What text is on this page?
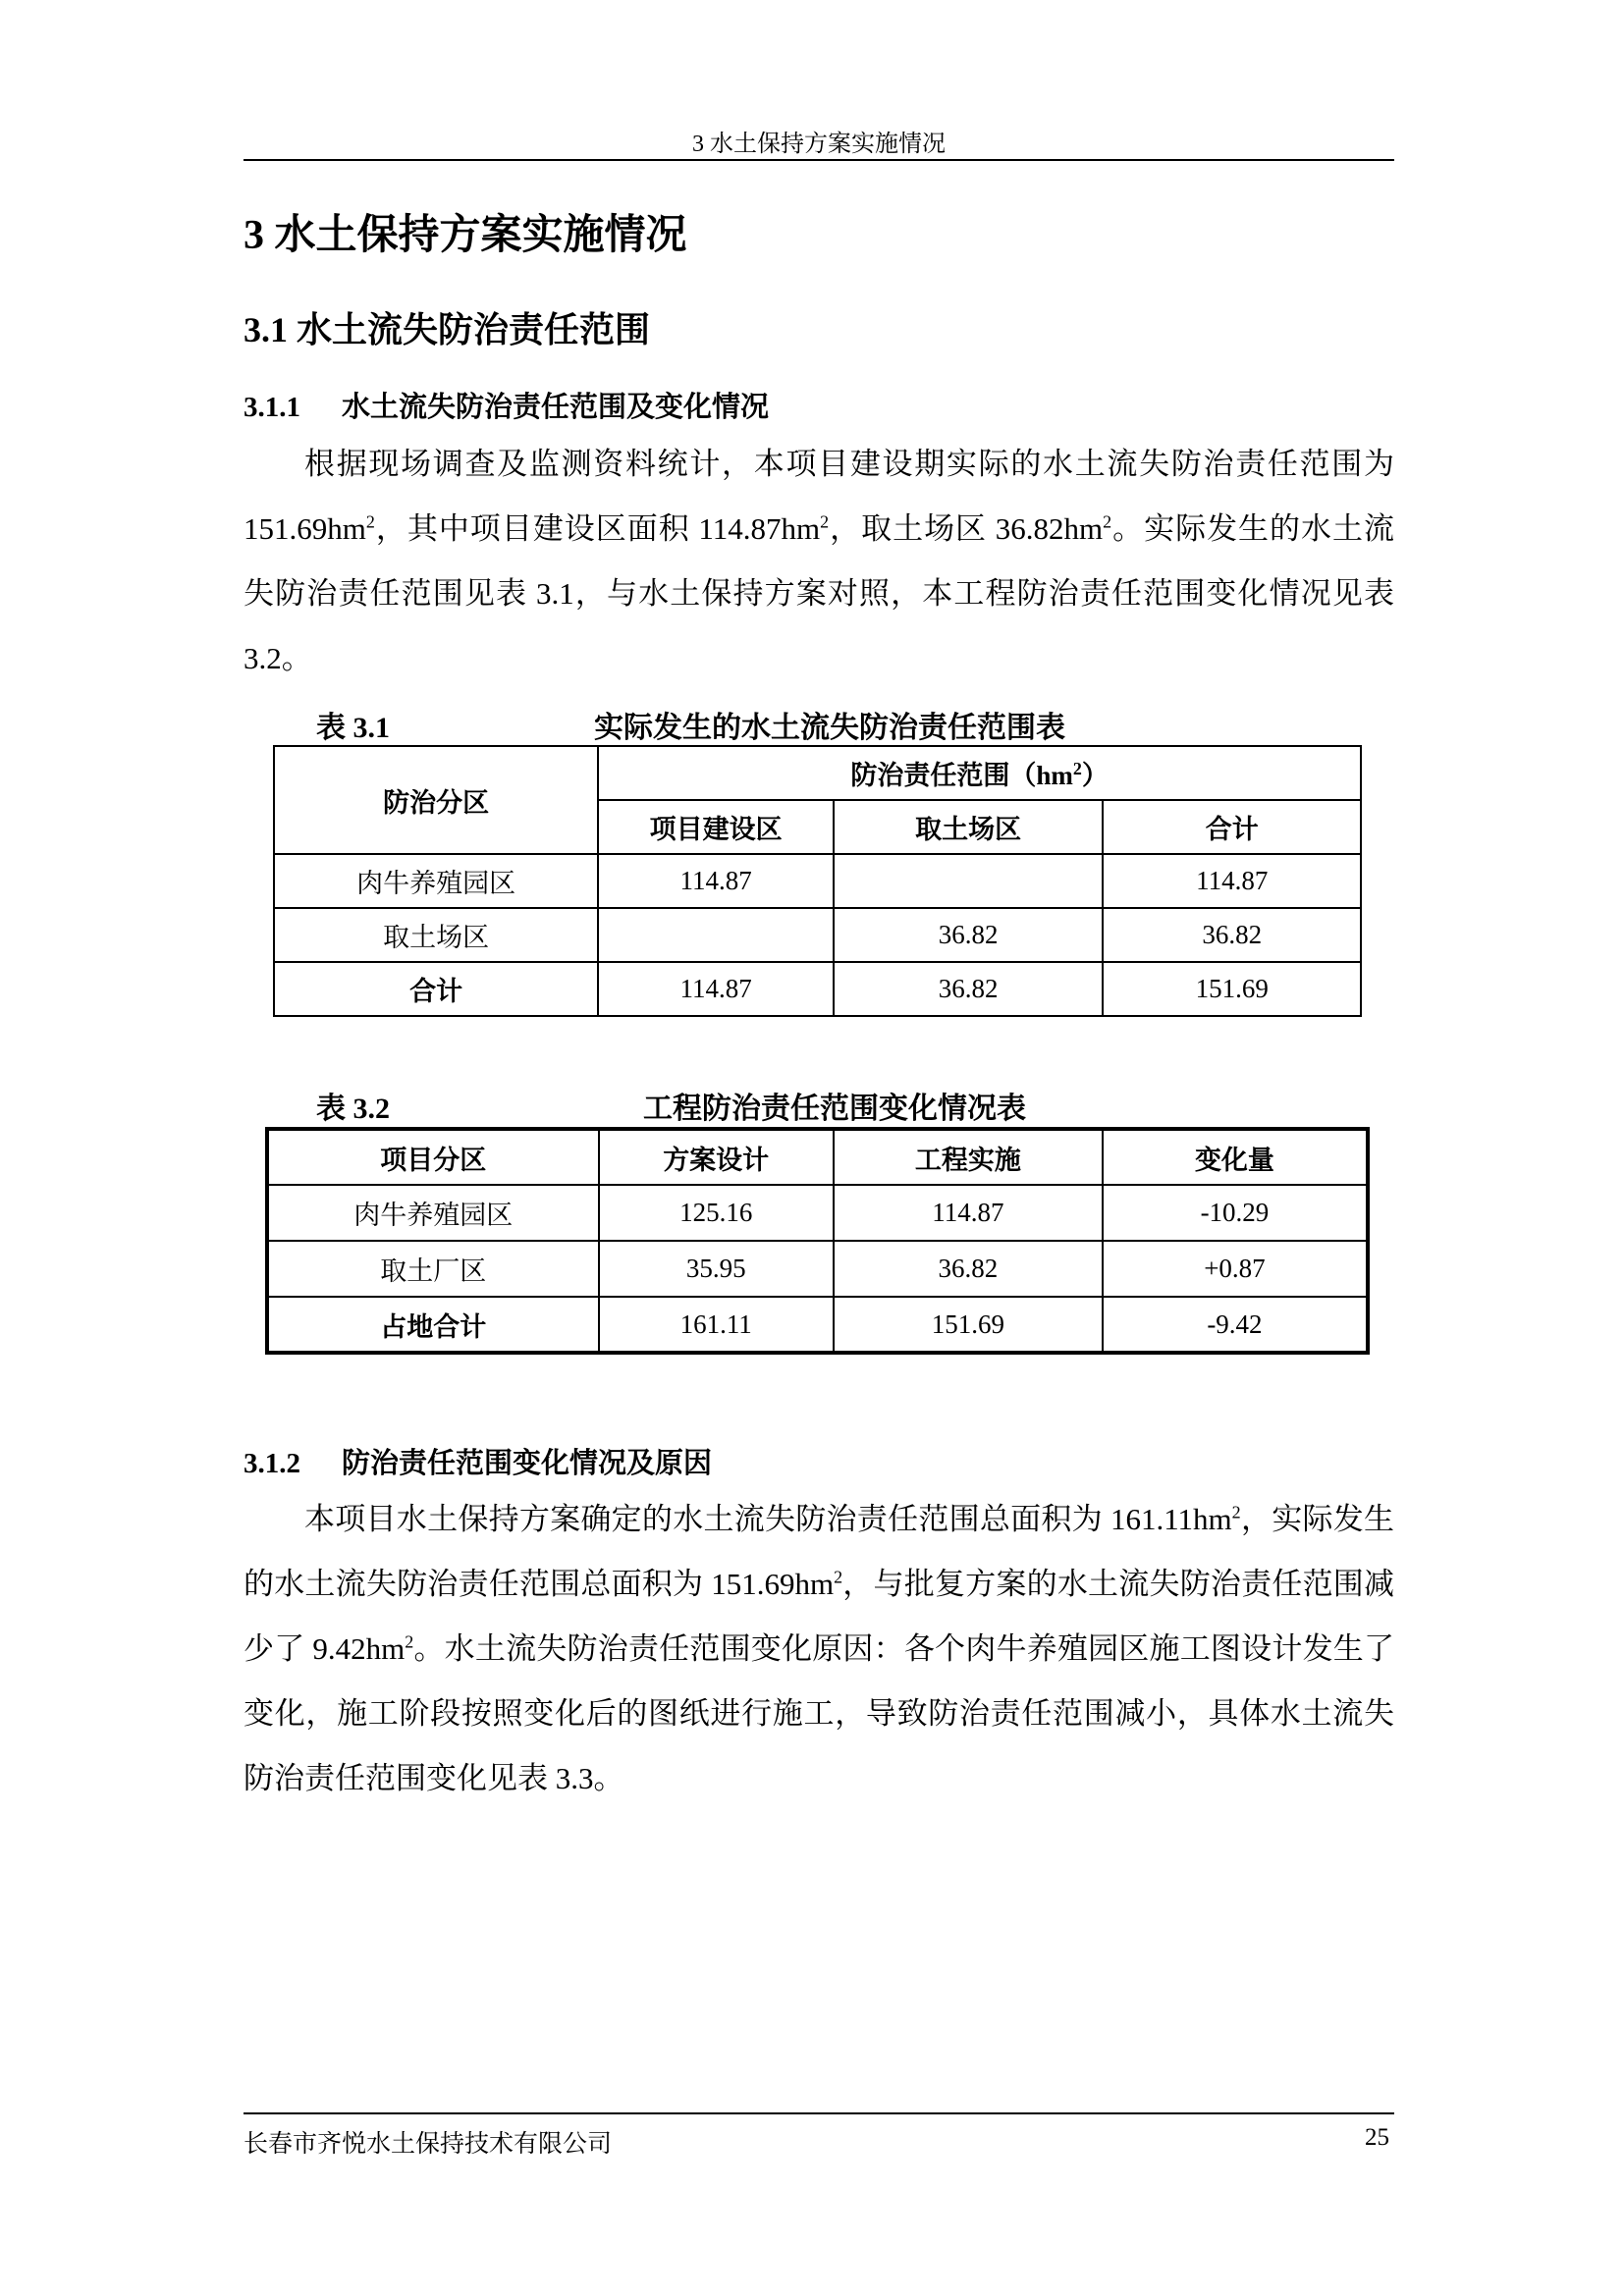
3 水土保持方案实施情况
3 水土保持方案实施情况
3.1 水土流失防治责任范围
3.1.1 水土流失防治责任范围及变化情况
根据现场调查及监测资料统计，本项目建设期实际的水土流失防治责任范围为 $151.69hm^2$，其中项目建设区面积 $114.87hm^2$，取土场区 $36.82hm^2$。实际发生的水土流失防治责任范围见表 3.1，与水土保持方案对照，本工程防治责任范围变化情况见表 3.2。
表 3.1	实际发生的水土流失防治责任范围表
防治分区	防治责任范围$(hm^2)$		
	项目建设区	取土场区	合计
肉牛养殖园区	114.87		114.87
取土场区		36.82	36.82
合计	114.87	36.82	151.69
表 3.2	工程防治责任范围变化情况表
项目分区	方案设计	工程实施	变化量
肉牛养殖园区	125.16	114.87	-10.29
取土厂区	35.95	36.82	+0.87
占地合计	161.11	151.69	-9.42
3.1.2 防治责任范围变化情况及原因
本项目水土保持方案确定的水土流失防治责任范围总面积为 $161.11hm^2$，实际发生的水土流失防治责任范围总面积为 $151.69hm^2$，与批复方案的水土流失防治责任范围减少了 $9.42hm^2$。水土流失防治责任范围变化原因：各个肉牛养殖园区施工图设计发生了变化，施工阶段按照变化后的图纸进行施工，导致防治责任范围减小，具体水土流失防治责任范围变化见表 3.3。
长春市齐悦水土保持技术有限公司	25
